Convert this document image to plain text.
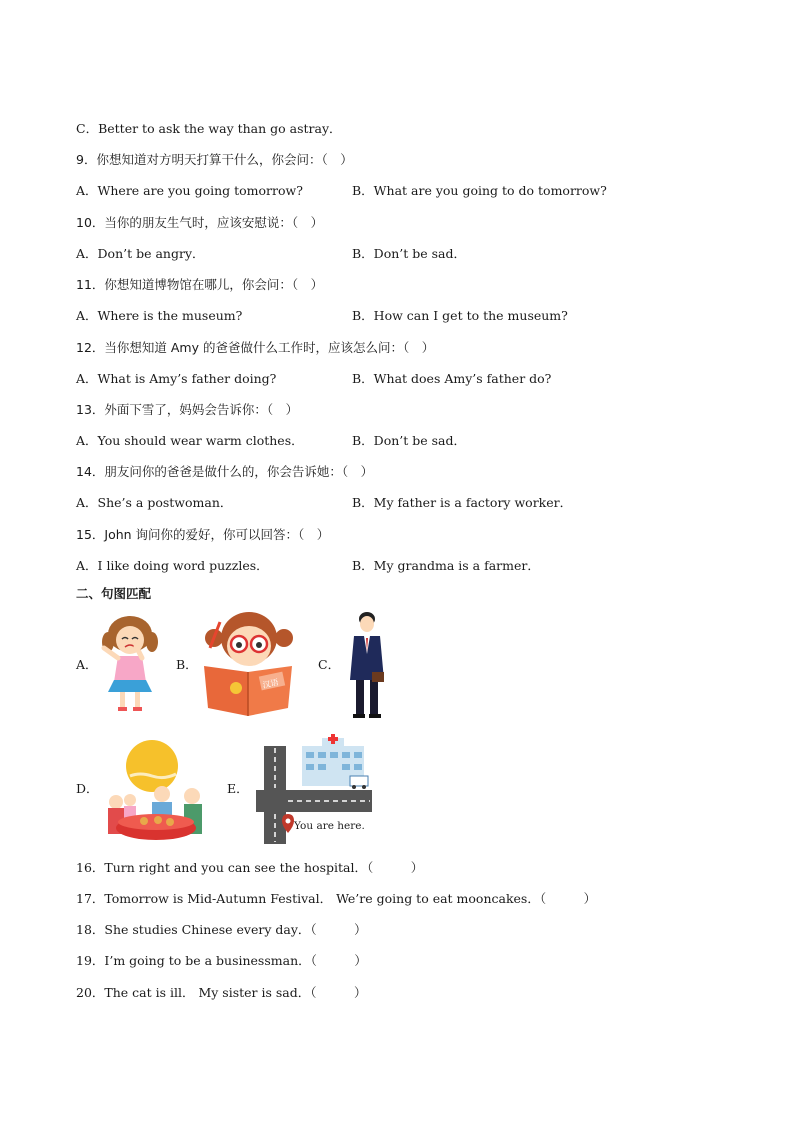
C．Better to ask the way than go astray．
9．你想知道对方明天打算干什么，你会问：（　）
A．Where are you going tomorrow?	B．What are you going to do tomorrow?
10．当你的朋友生气时，应该安慰说：（　）
A．Don’t be angry．	B．Don’t be sad．
11．你想知道博物馆在哪儿，你会问：（　）
A．Where is the museum?	B．How can I get to the museum?
12．当你想知道 Amy 的爸爸做什么工作时，应该怎么问：（　）
A．What is Amy’s father doing?	B．What does Amy’s father do?
13．外面下雪了，妈妈会告诉你：（　）
A．You should wear warm clothes．	B．Don’t be sad．
14．朋友问你的爸爸是做什么的，你会告诉她：（　）
A．She’s a postwoman．	B．My father is a factory worker．
15．John 询问你的爱好，你可以回答：（　）
A．I like doing word puzzles．	B．My grandma is a farmer．
二、句图匹配
A．	B．
汉语
C．
D．	E．
You are here.
16．Turn right and you can see the hospital．（　　　）
17．Tomorrow is Mid-Autumn Festival． We’re going to eat mooncakes．（　　　）
18．She studies Chinese every day．（　　　）
19．I’m going to be a businessman．（　　　）
20．The cat is ill． My sister is sad．（　　　）
